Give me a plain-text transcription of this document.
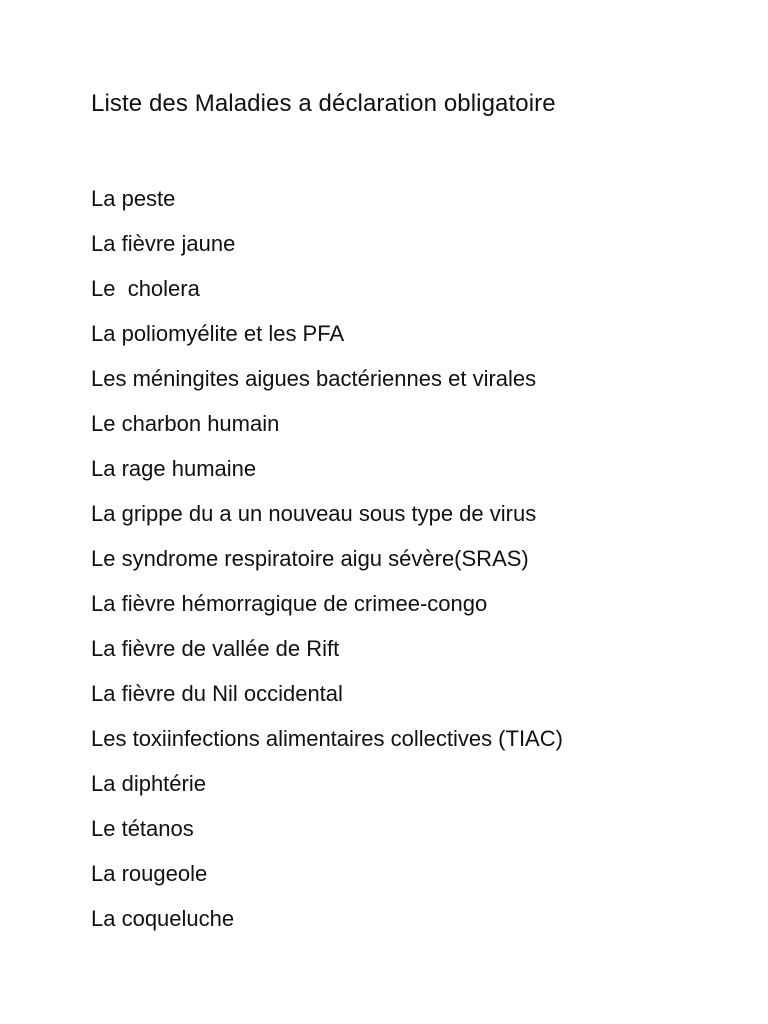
Liste des Maladies a déclaration obligatoire
La peste
La fièvre jaune
Le  cholera
La poliomyélite et les PFA
Les méningites aigues bactériennes et virales
Le charbon humain
La rage humaine
La grippe du a un nouveau sous type de virus
Le syndrome respiratoire aigu sévère(SRAS)
La fièvre hémorragique de crimee-congo
La fièvre de vallée de Rift
La fièvre du Nil occidental
Les toxiinfections alimentaires collectives (TIAC)
La diphtérie
Le tétanos
La rougeole
La coqueluche
